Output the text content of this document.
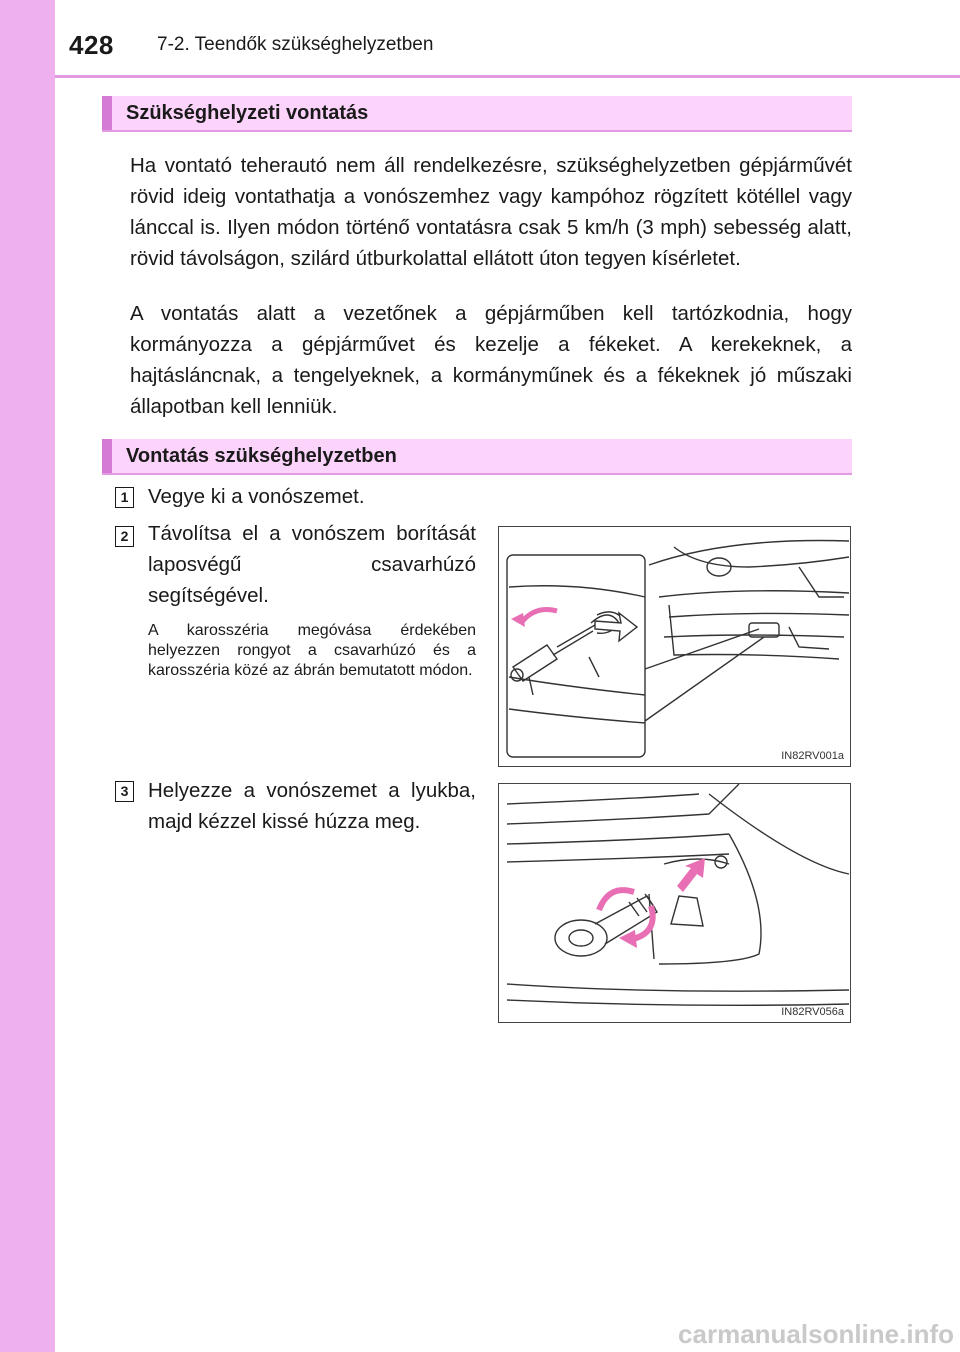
428 7-2. Teendők szükséghelyzetben
Szükséghelyzeti vontatás

Ha vontató teherautó nem áll rendelkezésre, szükséghelyzetben gépjárművét rövid ideig vontathatja a vonószemhez vagy kampóhoz rögzített kötéllel vagy lánccal is. Ilyen módon történő vontatásra csak 5 km/h (3 mph) sebesség alatt, rövid távolságon, szilárd útburkolattal ellátott úton tegyen kísérletet.

A vontatás alatt a vezetőnek a gépjárműben kell tartózkodnia, hogy kormányozza a gépjárművet és kezelje a fékeket. A kerekeknek, a hajtásláncnak, a tengelyeknek, a kormányműnek és a fékeknek jó műszaki állapotban kell lenniük.

Vontatás szükséghelyzetben
1 Vegye ki a vonószemet.

2 Távolítsa el a vonószem borítását laposvégű csavarhúzó segítségével.

A karosszéria megóvása érdekében helyezzen rongyot a csavarhúzó és a karosszéria közé az ábrán bemutatott módon.

IN82RV001a
3 Helyezze a vonószemet a lyukba, majd kézzel kissé húzza meg.

IN82RV056a
carmanualsonline.info
